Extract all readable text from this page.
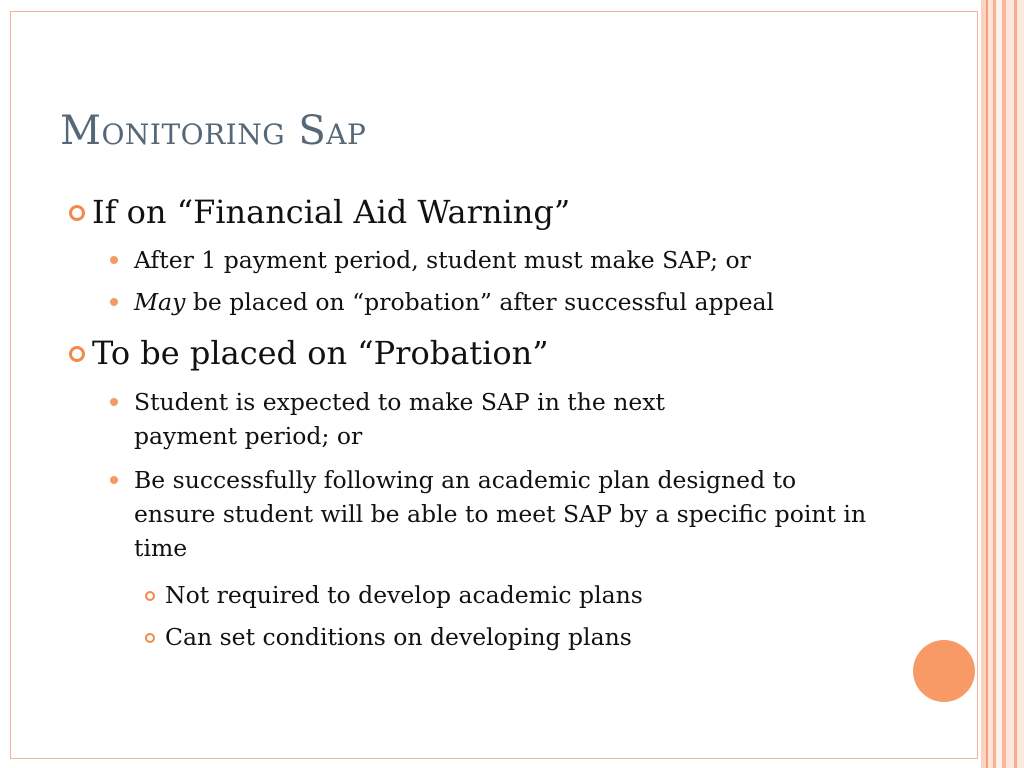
Monitoring Sap
If on “Financial Aid Warning”
After 1 payment period, student must make SAP; or
May be placed on “probation” after successful appeal
To be placed on “Probation”
Student is expected to make SAP in the next payment period; or
Be successfully following an academic plan designed to ensure student will be able to meet SAP by a specific point in time
Not required to develop academic plans
Can set conditions on developing plans
